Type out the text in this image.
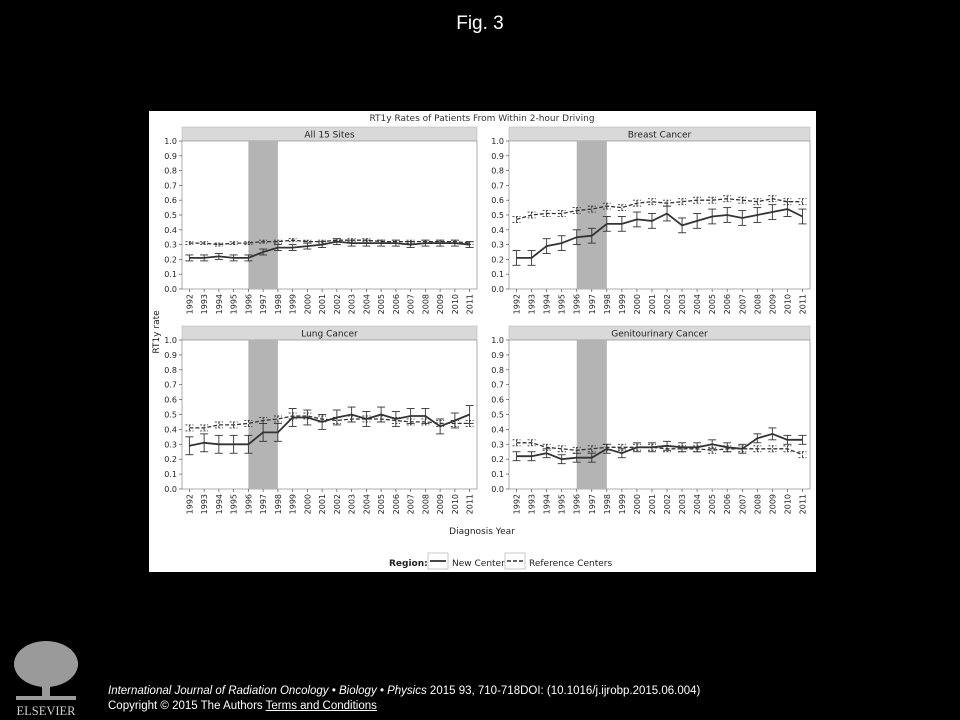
Fig. 3
RT1y Rates of Patients From Within 2-hour Driving
All 15 Sites
0.0
0.1
0.2
0.3
0.4
0.5
0.6
0.7
0.8
0.9
1.0
1992 1993 1994 1995 1996 1997 1998 1999 2000 2001 2002 2003 2004 2005 2006 2007 2008 2009 2010 2011
Breast Cancer
0.0
0.1
0.2
0.3
0.4
0.5
0.6
0.7
0.8
0.9
1.0
1992 1993 1994 1995 1996 1997 1998 1999 2000 2001 2002 2003 2004 2005 2006 2007 2008 2009 2010 2011
Lung Cancer
0.0
0.1
0.2
0.3
0.4
0.5
0.6
0.7
0.8
0.9
1.0
1992 1993 1994 1995 1996 1997 1998 1999 2000 2001 2002 2003 2004 2005 2006 2007 2008 2009 2010 2011
Genitourinary Cancer
0.0
0.1
0.2
0.3
0.4
0.5
0.6
0.7
0.8
0.9
1.0
1992 1993 1994 1995 1996 1997 1998 1999 2000 2001 2002 2003 2004 2005 2006 2007 2008 2009 2010 2011
RT1y rate
Diagnosis Year
Region:	New Center	Reference Centers
ELSEVIER
International Journal of Radiation Oncology • Biology • Physics 2015 93, 710-718DOI: (10.1016/j.ijrobp.2015.06.004)
Copyright © 2015 The Authors Terms and Conditions
